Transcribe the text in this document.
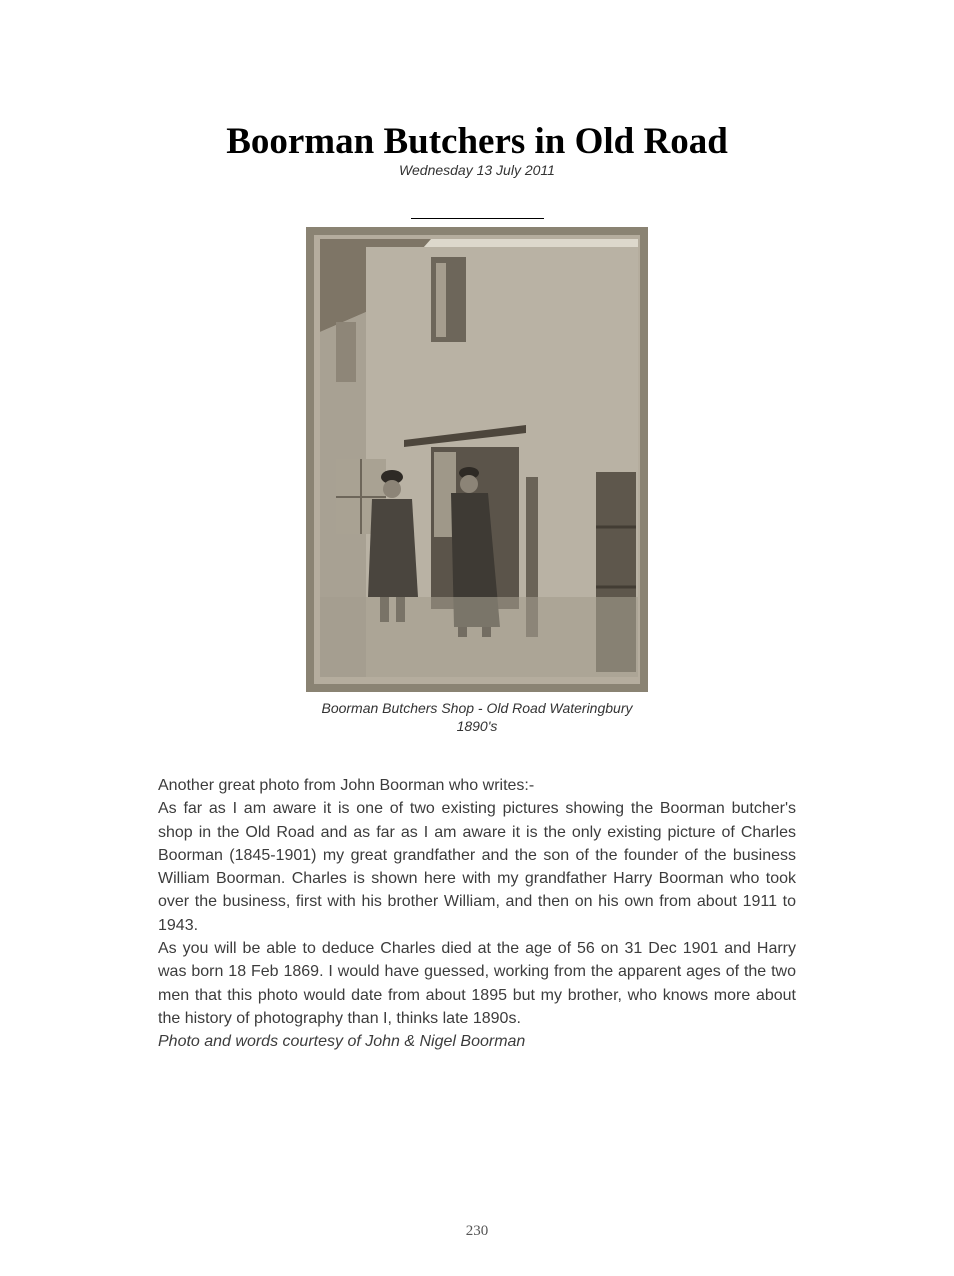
Boorman Butchers in Old Road
Wednesday 13 July 2011
Boorman Butchers Shop - Old Road Wateringbury
1890's

Another great photo from John Boorman who writes:-

As far as I am aware it is one of two existing pictures showing the Boorman butcher's shop in the Old Road and as far as I am aware it is the only existing picture of Charles Boorman (1845-1901) my great grandfather and the son of the founder of the business William Boorman. Charles is shown here with my grandfather Harry Boorman who took over the business, first with his brother William, and then on his own from about 1911 to 1943.

As you will be able to deduce Charles died at the age of 56 on 31 Dec 1901 and Harry was born 18 Feb 1869. I would have guessed, working from the apparent ages of the two men that this photo would date from about 1895 but my brother, who knows more about the history of photography than I, thinks late 1890s.

Photo and words courtesy of John & Nigel Boorman

230
